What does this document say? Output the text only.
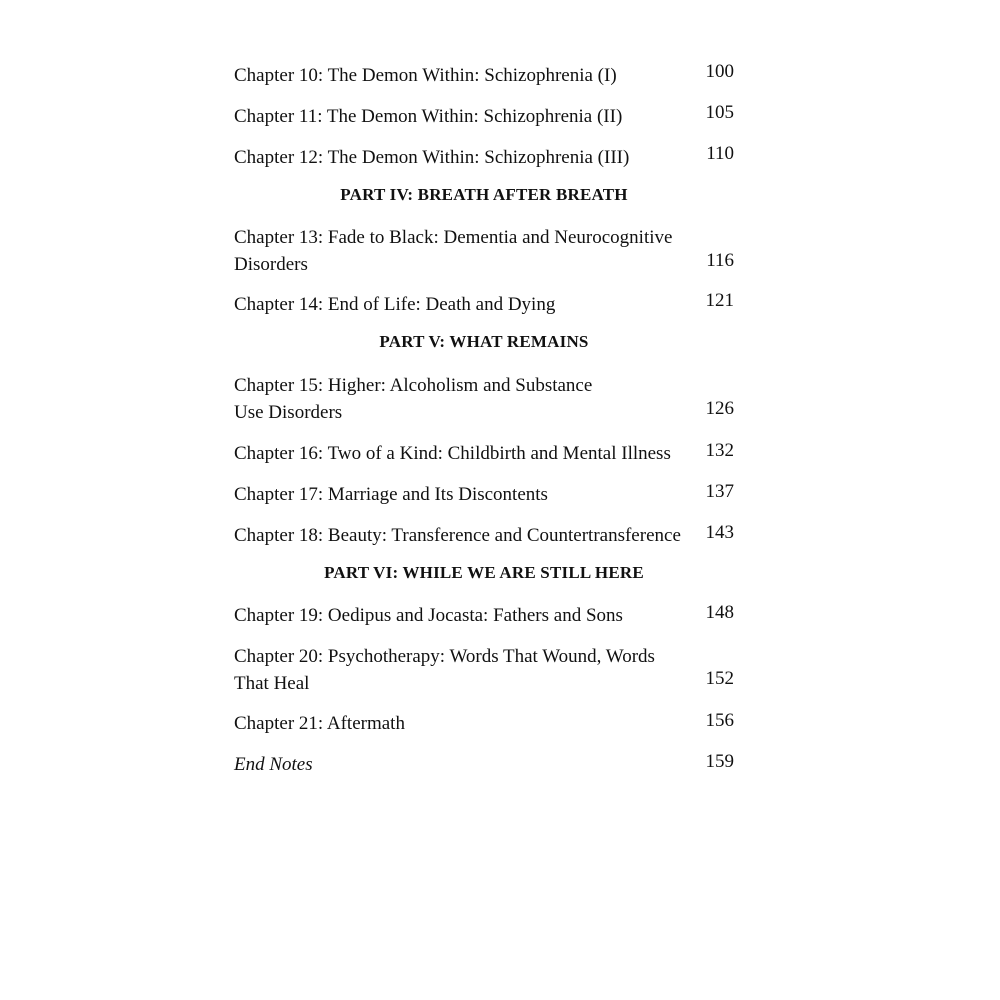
Chapter 10: The Demon Within: Schizophrenia (I)	100
Chapter 11: The Demon Within: Schizophrenia (II)	105
Chapter 12: The Demon Within: Schizophrenia (III)	110
PART IV: BREATH AFTER BREATH
Chapter 13: Fade to Black: Dementia and Neurocognitive
Disorders	116
Chapter 14: End of Life: Death and Dying	121
PART V: WHAT REMAINS
Chapter 15: Higher: Alcoholism and Substance
Use Disorders	126
Chapter 16: Two of a Kind: Childbirth and Mental Illness	132
Chapter 17: Marriage and Its Discontents	137
Chapter 18: Beauty: Transference and Countertransference	143
PART VI: WHILE WE ARE STILL HERE
Chapter 19: Oedipus and Jocasta: Fathers and Sons	148
Chapter 20: Psychotherapy: Words That Wound, Words
That Heal	152
Chapter 21: Aftermath	156
End Notes	159
